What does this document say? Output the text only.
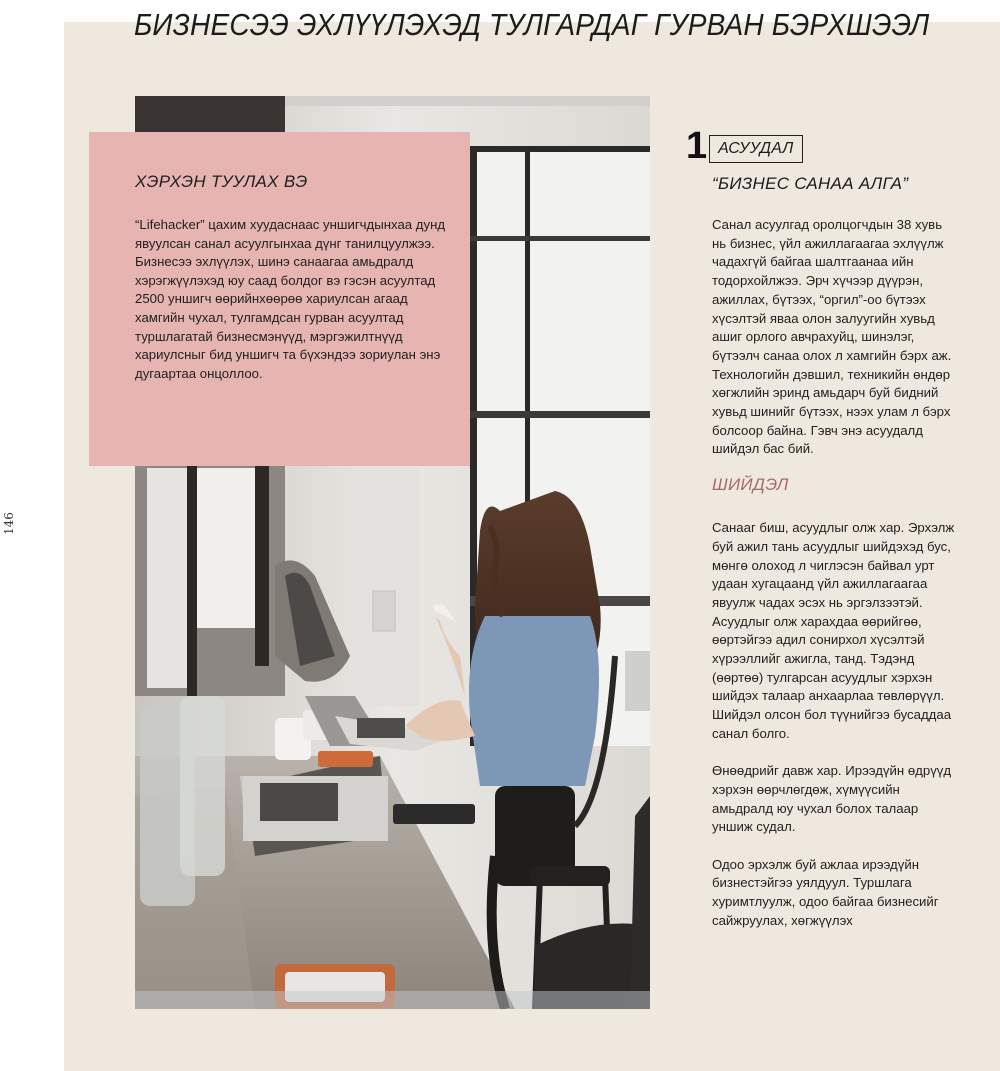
БИЗНЕСЭЭ ЭХЛҮҮЛЭХЭД ТУЛГАРДАГ ГУРВАН БЭРХШЭЭЛ
146
ХЭРХЭН ТУУЛАХ ВЭ

“Lifehacker” цахим хуудаснаас уншигчдынхаа дунд явуулсан санал асуулгынхаа дүнг танилцуулжээ. Бизнесээ эхлүүлэх, шинэ санаагаа амьдралд хэрэгжүүлэхэд юу саад болдог вэ гэсэн асуултад 2500 уншигч өөрийнхөөрөө хариулсан агаад хамгийн чухал, тулгамдсан гурван асуултад туршлагатай бизнесмэнүүд, мэргэжилтнүүд хариулсныг бид уншигч та бүхэндээ зориулан энэ дугаартаа онцоллоо.

1 АСУУДАЛ
“БИЗНЕС САНАА АЛГА”

Санал асуулгад оролцогчдын 38 хувь нь бизнес, үйл ажиллагаагаа эхлүүлж чадахгүй байгаа шалтгаанаа ийн тодорхойлжээ. Эрч хүчээр дүүрэн, ажиллах, бүтээх, “оргил”-оо бүтээх хүсэлтэй яваа олон залуугийн хувьд ашиг орлого авчрахуйц, шинэлэг, бүтээлч санаа олох л хамгийн бэрх аж. Технологийн дэвшил, техникийн өндөр хөгжлийн эринд амьдарч буй бидний хувьд шинийг бүтээх, нээх улам л бэрх болсоор байна. Гэвч энэ асуудалд шийдэл бас бий.

ШИЙДЭЛ

Санааг биш, асуудлыг олж хар. Эрхэлж буй ажил тань асуудлыг шийдэхэд бус, мөнгө олоход л чиглэсэн байвал урт удаан хугацаанд үйл ажиллагаагаа явуулж чадах эсэх нь эргэлзээтэй. Асуудлыг олж харахдаа өөрийгөө, өөртэйгээ адил сонирхол хүсэлтэй хүрээллийг ажигла, танд. Тэдэнд (өөртөө) тулгарсан асуудлыг хэрхэн шийдэх талаар анхаарлаа төвлөрүүл. Шийдэл олсон бол түүнийгээ бусаддаа санал болго.

Өнөөдрийг давж хар. Ирээдүйн өдрүүд хэрхэн өөрчлөгдөж, хүмүүсийн амьдралд юу чухал болох талаар уншиж судал.

Одоо эрхэлж буй ажлаа ирээдүйн бизнестэйгээ уялдуул. Туршлага хуримтлуулж, одоо байгаа бизнесийг сайжруулах, хөгжүүлэх
